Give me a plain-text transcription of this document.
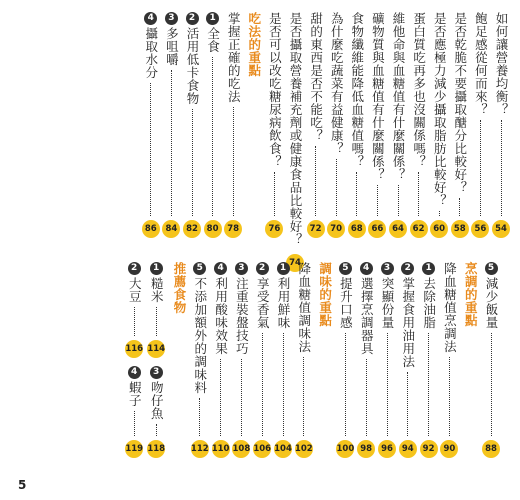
如何讓營養均衡？
54
飽足感從何而來？
56
是否乾脆不要攝取醣分比較好？
58
是否應極力減少攝取脂肪比較好？
60
蛋白質吃再多也沒關係嗎？
62
維他命與血糖值有什麼關係？
64
礦物質與血糖值有什麼關係？
66
食物纖維能降低血糖值嗎？
68
為什麼吃蔬菜有益健康？
70
甜的東西是否不能吃？
72
是否攝取營養補充劑或健康食品比較好？
74
是否可以改吃糖尿病飲食？
76
吃法的重點
掌握正確的吃法
78
1
全食
80
2
活用低卡食物
82
3
多咀嚼
84
4
攝取水分
86
5
減少飯量
88
烹調的重點
降血糖值烹調法
90
1
去除油脂
92
2
掌握食用油用法
94
3
突顯份量
96
4
選擇烹調器具
98
5
提升口感
100
調味的重點
降血糖值調味法
102
1
利用鮮味
104
2
享受香氣
106
3
注重裝盤技巧
108
4
利用酸味效果
110
5
不添加額外的調味料
112
推薦食物
1
糙米
114
3
吻仔魚
118
2
大豆
116
4
蝦子
119
5
